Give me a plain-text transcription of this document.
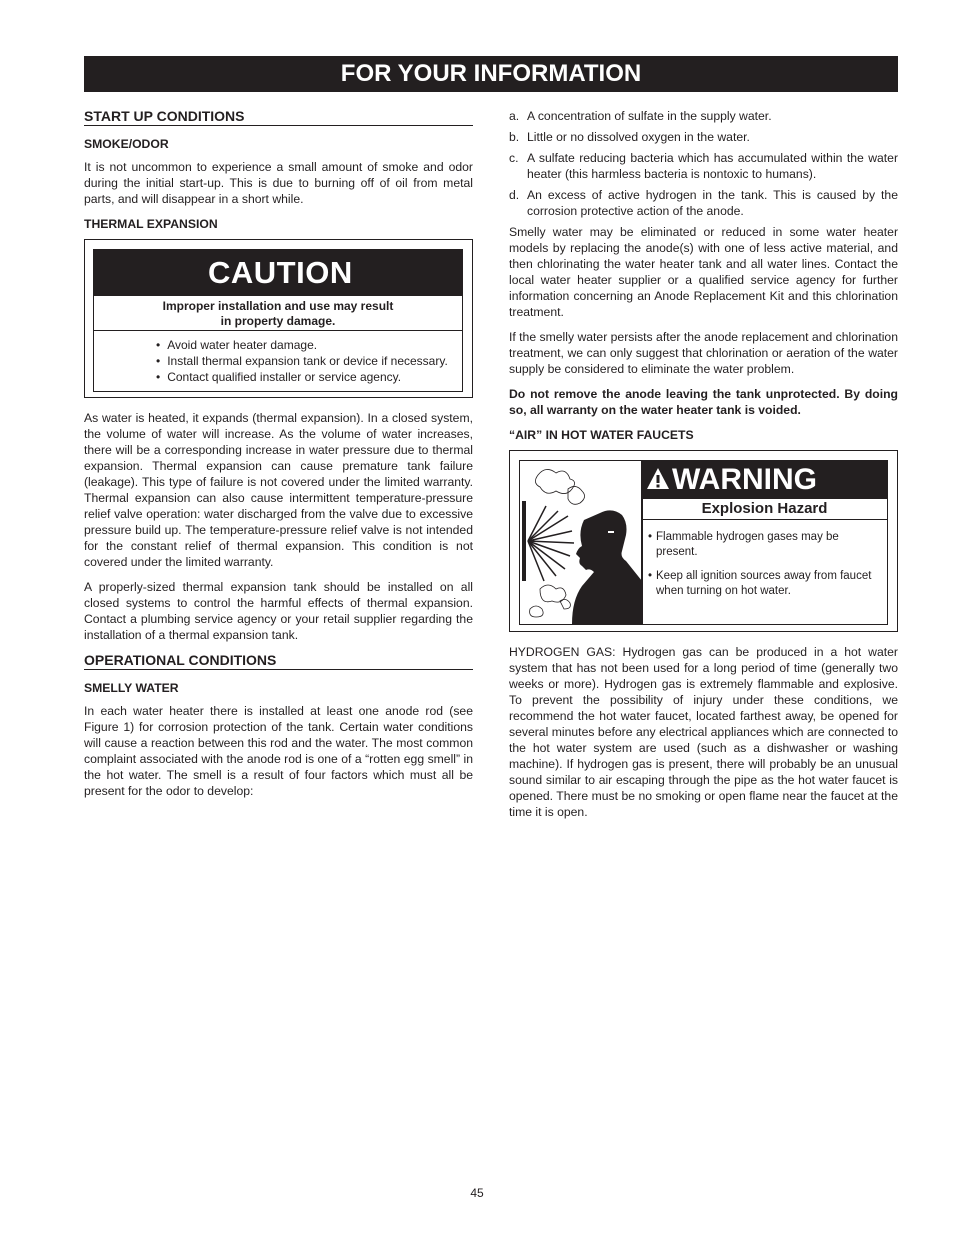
FOR YOUR INFORMATION
START UP CONDITIONS
SMOKE/ODOR

It is not uncommon to experience a small amount of smoke and odor during the initial start-up. This is due to burning off of oil from metal parts, and will disappear in a short while.

THERMAL EXPANSION
CAUTION
Improper installation and use may result
in property damage.
• Avoid water heater damage.
• Install thermal expansion tank or device if necessary.
• Contact qualified installer or service agency.

As water is heated, it expands (thermal expansion). In a closed system, the volume of water will increase. As the volume of water increases, there will be a corresponding increase in water pressure due to thermal expansion. Thermal expansion can cause premature tank failure (leakage). This type of failure is not covered under the limited warranty. Thermal expansion can also cause intermittent temperature-pressure relief valve operation: water discharged from the valve due to excessive pressure build up. The temperature-pressure relief valve is not intended for the constant relief of thermal expansion. This condition is not covered under the limited warranty.

A properly-sized thermal expansion tank should be installed on all closed systems to control the harmful effects of thermal expansion. Contact a plumbing service agency or your retail supplier regarding the installation of a thermal expansion tank.

OPERATIONAL CONDITIONS
SMELLY WATER

In each water heater there is installed at least one anode rod (see Figure 1) for corrosion protection of the tank. Certain water conditions will cause a reaction between this rod and the water. The most common complaint associated with the anode rod is one of a “rotten egg smell” in the hot water. The smell is a result of four factors which must all be present for the odor to develop:

a. A concentration of sulfate in the supply water.
b. Little or no dissolved oxygen in the water.
c. A sulfate reducing bacteria which has accumulated within the water heater (this harmless bacteria is nontoxic to humans).
d. An excess of active hydrogen in the tank. This is caused by the corrosion protective action of the anode.

Smelly water may be eliminated or reduced in some water heater models by replacing the anode(s) with one of less active material, and then chlorinating the water heater tank and all water lines. Contact the local water heater supplier or a qualified service agency for further information concerning an Anode Replacement Kit and this chlorination treatment.

If the smelly water persists after the anode replacement and chlorination treatment, we can only suggest that chlorination or aeration of the water supply be considered to eliminate the water problem.

Do not remove the anode leaving the tank unprotected. By doing so, all warranty on the water heater tank is voided.

“AIR” IN HOT WATER FAUCETS
WARNING
Explosion Hazard
• Flammable hydrogen gases may be present.
• Keep all ignition sources away from faucet when turning on hot water.

HYDROGEN GAS: Hydrogen gas can be produced in a hot water system that has not been used for a long period of time (generally two weeks or more). Hydrogen gas is extremely flammable and explosive. To prevent the possibility of injury under these conditions, we recommend the hot water faucet, located farthest away, be opened for several minutes before any electrical appliances which are connected to the hot water system are used (such as a dishwasher or washing machine). If hydrogen gas is present, there will probably be an unusual sound similar to air escaping through the pipe as the hot water faucet is opened. There must be no smoking or open flame near the faucet at the time it is open.

45
